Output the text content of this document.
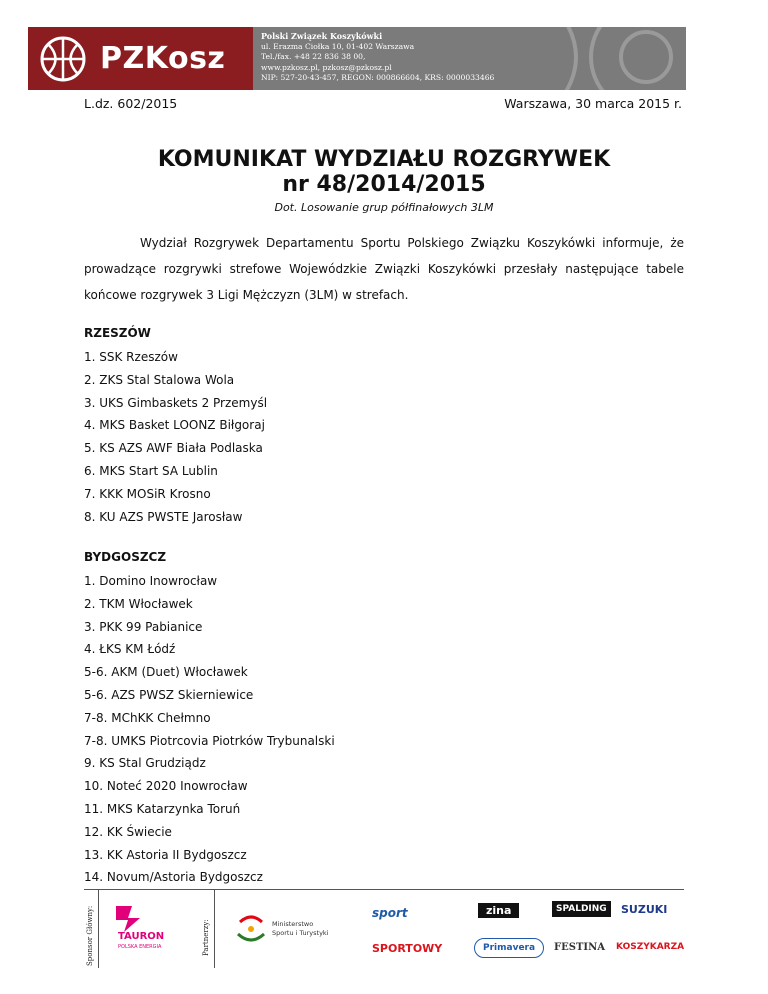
PZKosz
Polski Związek Koszykówki
ul. Erazma Ciołka 10, 01-402 Warszawa
Tel./fax. +48 22 836 38 00,
www.pzkosz.pl, pzkosz@pzkosz.pl
NIP: 527-20-43-457, REGON: 000866604, KRS: 0000033466
L.dz. 602/2015	Warszawa, 30 marca 2015 r.
KOMUNIKAT WYDZIAŁU ROZGRYWEK
nr 48/2014/2015
Dot. Losowanie grup półfinałowych 3LM
Wydział Rozgrywek Departamentu Sportu Polskiego Związku Koszykówki informuje, że prowadzące rozgrywki strefowe Wojewódzkie Związki Koszykówki przesłały następujące tabele końcowe rozgrywek 3 Ligi Mężczyzn (3LM) w strefach.
RZESZÓW
1. SSK Rzeszów
2. ZKS Stal Stalowa Wola
3. UKS Gimbaskets 2 Przemyśl
4. MKS Basket LOONZ Biłgoraj
5. KS AZS AWF Biała Podlaska
6. MKS Start SA Lublin
7. KKK MOSiR Krosno
8. KU AZS PWSTE Jarosław
BYDGOSZCZ
1. Domino Inowrocław
2. TKM Włocławek
3. PKK 99 Pabianice
4. ŁKS KM Łódź
5-6. AKM (Duet) Włocławek
5-6. AZS PWSZ Skierniewice
7-8. MChKK Chełmno
7-8. UMKS Piotrcovia Piotrków Trybunalski
9. KS Stal Grudziądz
10. Noteć 2020 Inowrocław
11. MKS Katarzynka Toruń
12. KK Świecie
13. KK Astoria II Bydgoszcz
14. Novum/Astoria Bydgoszcz
Sponsor Główny: TAURON
POLSKA ENERGIA	Partnerzy:	Ministerstwo
Sportu i Turystyki
sport	zina	SPALDING	SUZUKI
SPORTOWY	Primavera	FESTINA KOSZYKARZA
